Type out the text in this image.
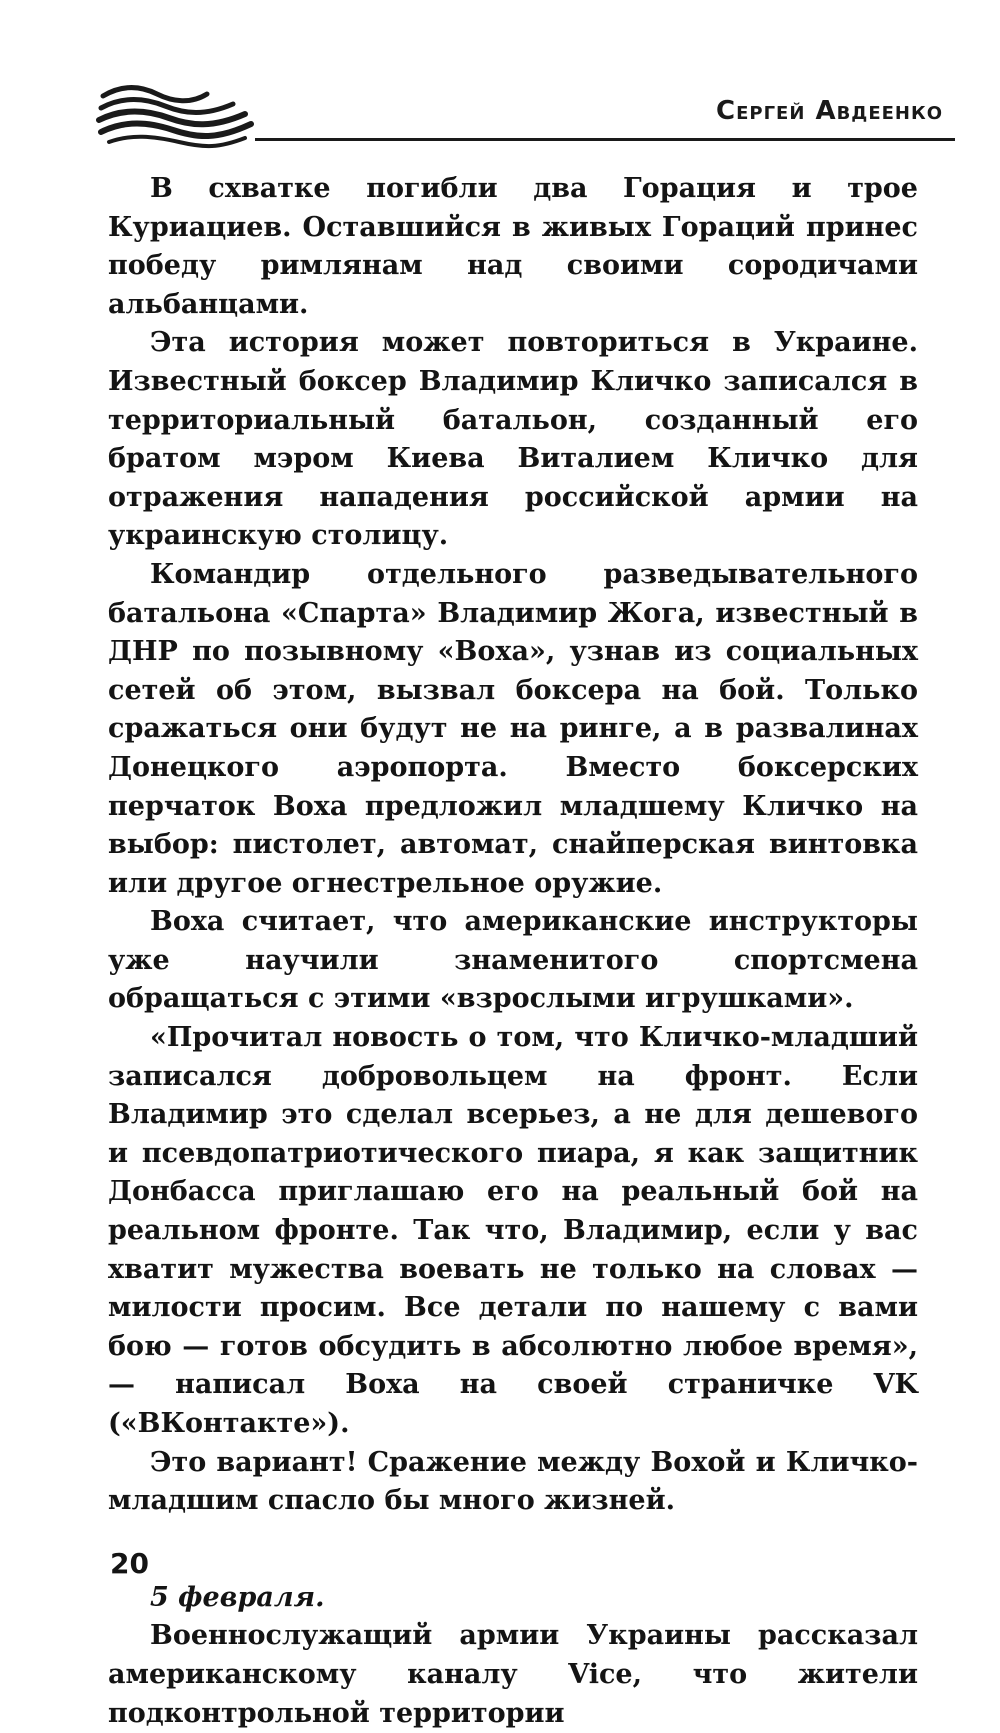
Сергей Авдеенко

В схватке погибли два Горация и трое Куриациев. Оставшийся в живых Гораций принес победу римлянам над своими сородичами альбанцами.

Эта история может повториться в Украине. Известный боксер Владимир Кличко записался в территориальный батальон, созданный его братом мэром Киева Виталием Кличко для отражения нападения российской армии на украинскую столицу.

Командир отдельного разведывательного батальона «Спарта» Владимир Жога, известный в ДНР по позывному «Воха», узнав из социальных сетей об этом, вызвал боксера на бой. Только сражаться они будут не на ринге, а в развалинах Донецкого аэропорта. Вместо боксерских перчаток Воха предложил младшему Кличко на выбор: пистолет, автомат, снайперская винтовка или другое огнестрельное оружие.

Воха считает, что американские инструкторы уже научили знаменитого спортсмена обращаться с этими «взрослыми игрушками».

«Прочитал новость о том, что Кличко-младший записался добровольцем на фронт. Если Владимир это сделал всерьез, а не для дешевого и псевдопатриотического пиара, я как защитник Донбасса приглашаю его на реальный бой на реальном фронте. Так что, Владимир, если у вас хватит мужества воевать не только на словах — милости просим. Все детали по нашему с вами бою — готов обсудить в абсолютно любое время», — написал Воха на своей страничке VK («ВКонтакте»).

Это вариант! Сражение между Вохой и Кличко-младшим спасло бы много жизней.

5 февраля.

Военнослужащий армии Украины рассказал американскому каналу Vice, что жители подконтрольной территории

20
